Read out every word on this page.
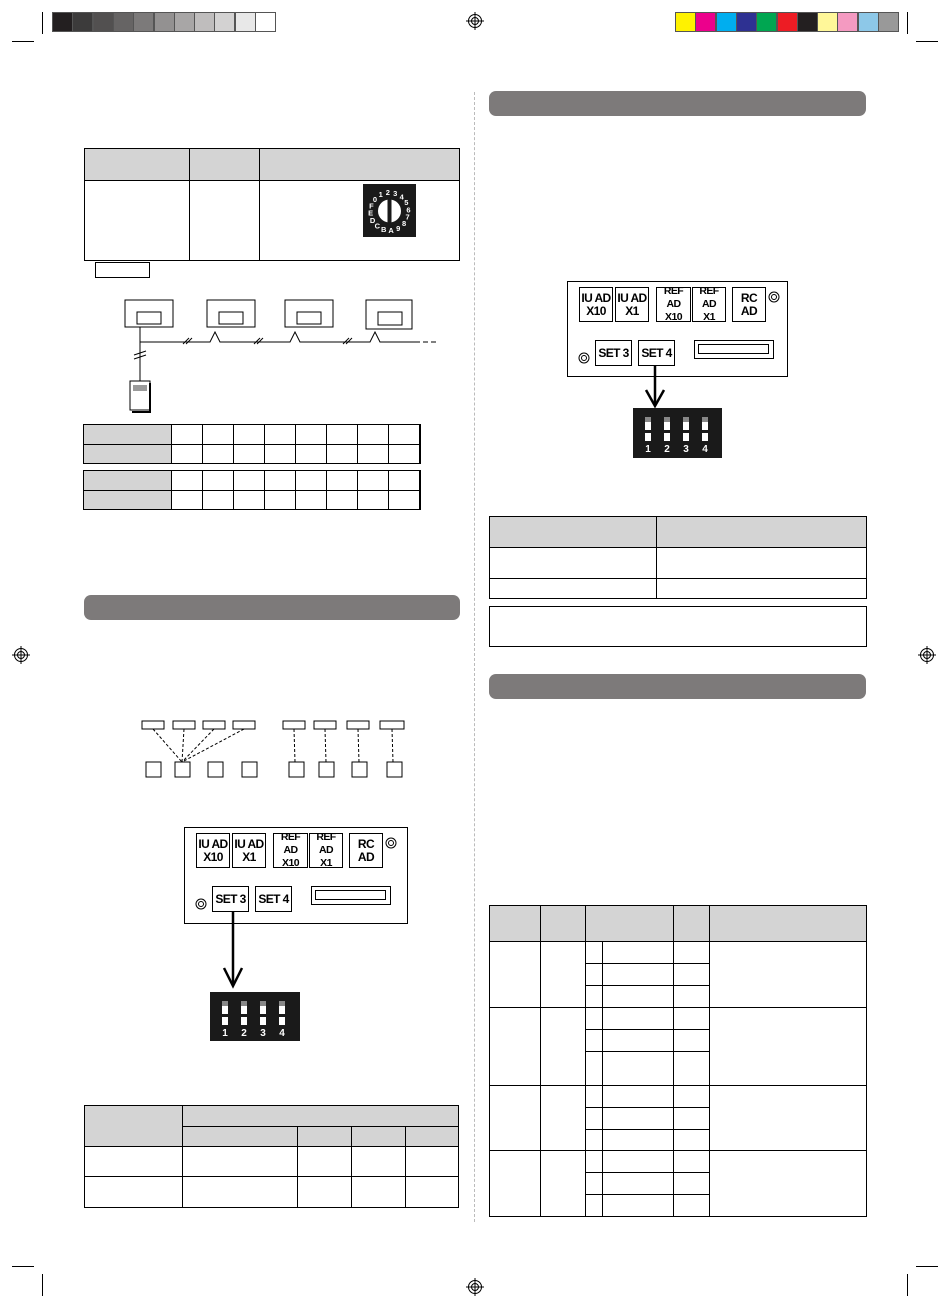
0
1 2 3 4
5
6
7
8
9
A
B
C
D
E
F
IU AD
X10
IU AD
X1
REF AD
X10
REF AD
X1
RC AD
SET 3 SET 4
1	2	3	4
IU AD
X10
IU AD
X1
REF AD
X10
REF AD
X1
RC AD
SET 3 SET 4
1	2	3	4
